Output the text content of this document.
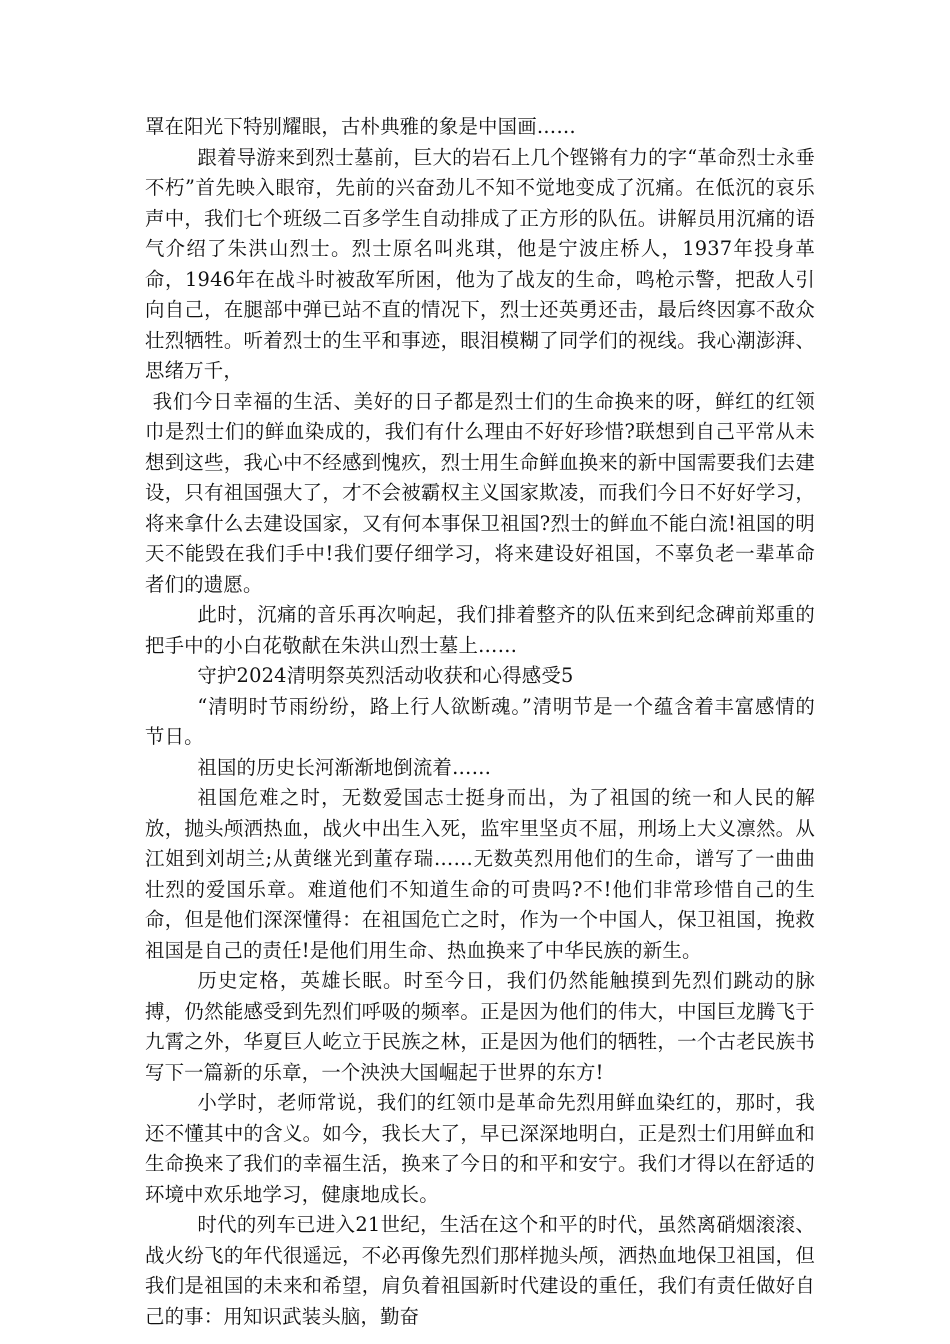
罩在阳光下特别耀眼，古朴典雅的象是中国画……

跟着导游来到烈士墓前，巨大的岩石上几个铿锵有力的字“革命烈士永垂不朽”首先映入眼帘，先前的兴奋劲儿不知不觉地变成了沉痛。在低沉的哀乐声中，我们七个班级二百多学生自动排成了正方形的队伍。讲解员用沉痛的语气介绍了朱洪山烈士。烈士原名叫兆琪，他是宁波庄桥人，1937年投身革命，1946年在战斗时被敌军所困，他为了战友的生命，鸣枪示警，把敌人引向自己，在腿部中弹已站不直的情况下，烈士还英勇还击，最后终因寡不敌众壮烈牺牲。听着烈士的生平和事迹，眼泪模糊了同学们的视线。我心潮澎湃、思绪万千，

我们今日幸福的生活、美好的日子都是烈士们的生命换来的呀，鲜红的红领巾是烈士们的鲜血染成的，我们有什么理由不好好珍惜?联想到自己平常从未想到这些，我心中不经感到愧疚，烈士用生命鲜血换来的新中国需要我们去建设，只有祖国强大了，才不会被霸权主义国家欺凌，而我们今日不好好学习，将来拿什么去建设国家，又有何本事保卫祖国?烈士的鲜血不能白流!祖国的明天不能毁在我们手中!我们要仔细学习，将来建设好祖国，不辜负老一辈革命者们的遗愿。

此时，沉痛的音乐再次响起，我们排着整齐的队伍来到纪念碑前郑重的把手中的小白花敬献在朱洪山烈士墓上……

守护2024清明祭英烈活动收获和心得感受5

“清明时节雨纷纷，路上行人欲断魂。”清明节是一个蕴含着丰富感情的节日。

祖国的历史长河渐渐地倒流着……

祖国危难之时，无数爱国志士挺身而出，为了祖国的统一和人民的解放，抛头颅洒热血，战火中出生入死，监牢里坚贞不屈，刑场上大义凛然。从江姐到刘胡兰;从黄继光到董存瑞……无数英烈用他们的生命，谱写了一曲曲壮烈的爱国乐章。难道他们不知道生命的可贵吗?不!他们非常珍惜自己的生命，但是他们深深懂得：在祖国危亡之时，作为一个中国人，保卫祖国，挽救祖国是自己的责任!是他们用生命、热血换来了中华民族的新生。

历史定格，英雄长眠。时至今日，我们仍然能触摸到先烈们跳动的脉搏，仍然能感受到先烈们呼吸的频率。正是因为他们的伟大，中国巨龙腾飞于九霄之外，华夏巨人屹立于民族之林，正是因为他们的牺牲，一个古老民族书写下一篇新的乐章，一个泱泱大国崛起于世界的东方!

小学时，老师常说，我们的红领巾是革命先烈用鲜血染红的，那时，我还不懂其中的含义。如今，我长大了，早已深深地明白，正是烈士们用鲜血和生命换来了我们的幸福生活，换来了今日的和平和安宁。我们才得以在舒适的环境中欢乐地学习，健康地成长。

时代的列车已进入21世纪，生活在这个和平的时代，虽然离硝烟滚滚、战火纷飞的年代很遥远，不必再像先烈们那样抛头颅，洒热血地保卫祖国，但我们是祖国的未来和希望，肩负着祖国新时代建设的重任，我们有责任做好自己的事：用知识武装头脑，勤奋
